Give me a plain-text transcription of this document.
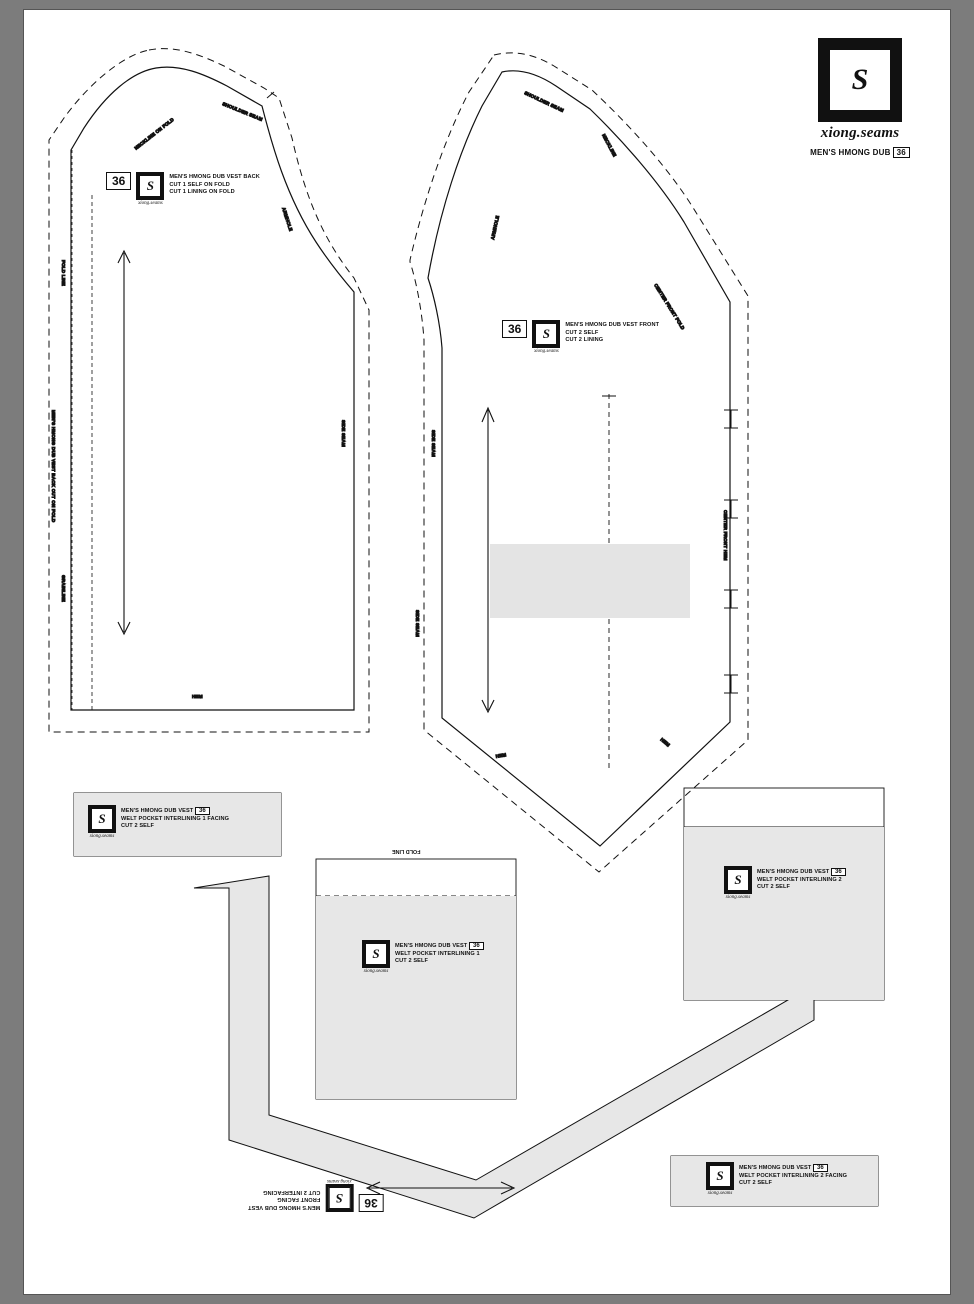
SHOULDER SEAM
NECKLINE ON FOLD
ARMHOLE
SIDE SEAM
FOLD LINE
MEN'S HMONG DUB VEST BACK CUT ON FOLD
GRAINLINE
HEM
SHOULDER SEAM
NECKLINE
ARMHOLE
CENTER FRONT FOLD
CENTER FRONT HEM
SIDE SEAM
SIDE SEAM
HEM
HEM
S
xiong.seams
MEN'S HMONG DUB 36
36	S
xiong.seams
MEN'S HMONG DUB VEST BACK
CUT 1 SELF ON FOLD
CUT 1 LINING ON FOLD
36	S
xiong.seams
MEN'S HMONG DUB VEST FRONT
CUT 2 SELF
CUT 2 LINING
S
xiong.seams
MEN'S HMONG DUB VEST 36
WELT POCKET INTERLINING 1 FACING
CUT 2 SELF
S
xiong.seams
MEN'S HMONG DUB VEST 36
WELT POCKET INTERLINING 1
CUT 2 SELF
FOLD LINE
S
xiong.seams
MEN'S HMONG DUB VEST 36
WELT POCKET INTERLINING 2
CUT 2 SELF
S
xiong.seams
MEN'S HMONG DUB VEST 36
WELT POCKET INTERLINING 2 FACING
CUT 2 SELF
36
S
xiong.seams
MEN'S HMONG DUB VEST
FRONT FACING
CUT 2 INTERFACING
